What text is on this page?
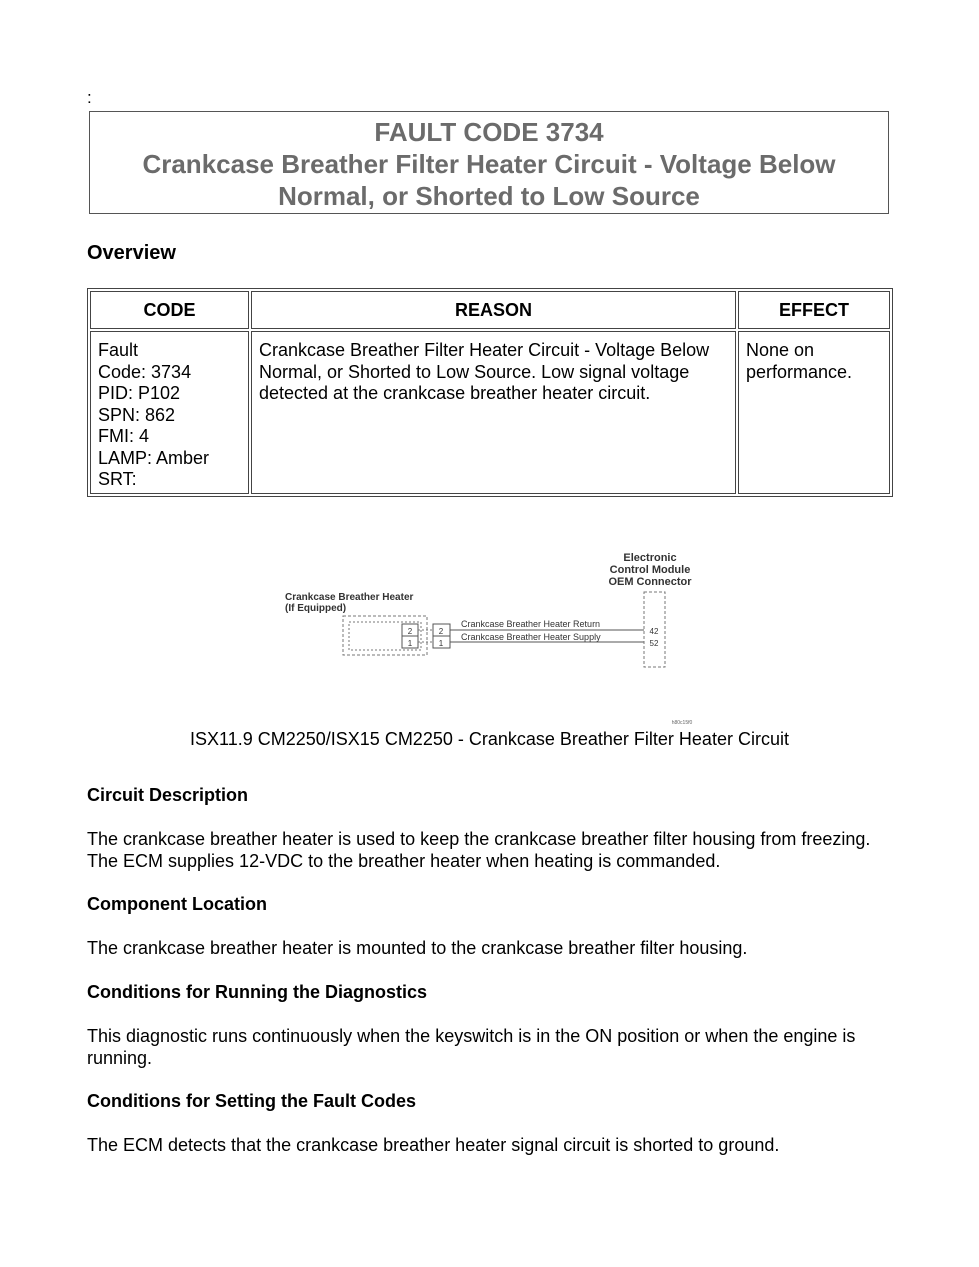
:
FAULT CODE 3734
Crankcase Breather Filter Heater Circuit - Voltage Below
Normal, or Shorted to Low Source
Overview
CODE	REASON	EFFECT
Fault
Code: 3734
PID: P102
SPN: 862
FMI: 4
LAMP: Amber
SRT:
Crankcase Breather Filter Heater Circuit - Voltage Below Normal, or Shorted to Low Source. Low signal voltage detected at the crankcase breather heater circuit.
None on performance.
Electronic
Control Module
OEM Connector
Crankcase Breather Heater
(If Equipped)
2
1
2
1
Crankcase Breather Heater Return
Crankcase Breather Heater Supply
42
52
h80c15f0
ISX11.9 CM2250/ISX15 CM2250 - Crankcase Breather Filter Heater Circuit
Circuit Description
The crankcase breather heater is used to keep the crankcase breather filter housing from freezing. The ECM supplies 12-VDC to the breather heater when heating is commanded.
Component Location
The crankcase breather heater is mounted to the crankcase breather filter housing.
Conditions for Running the Diagnostics
This diagnostic runs continuously when the keyswitch is in the ON position or when the engine is running.
Conditions for Setting the Fault Codes
The ECM detects that the crankcase breather heater signal circuit is shorted to ground.
